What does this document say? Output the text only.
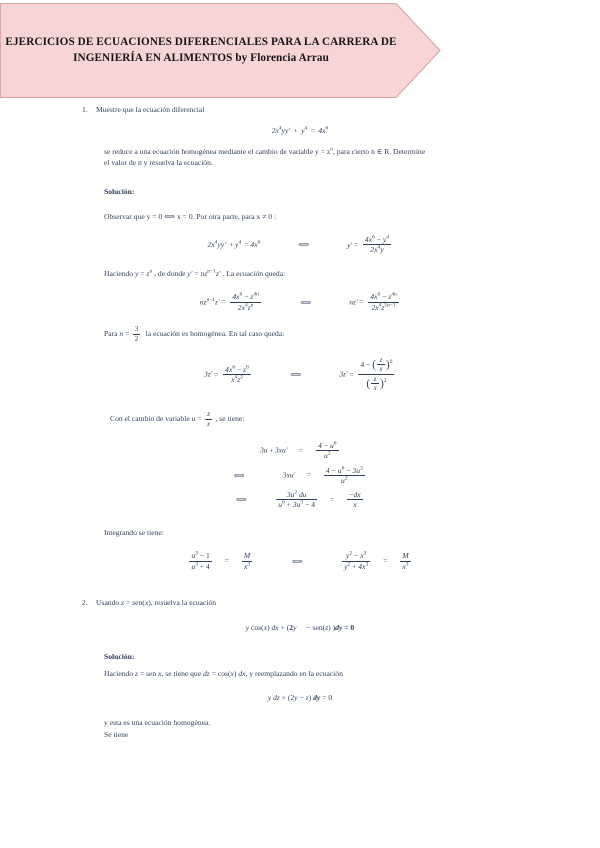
EJERCICIOS DE ECUACIONES DIFERENCIALES PARA LA CARRERA DE
INGENIERÍA EN ALIMENTOS by Florencia Arrau
1. Muestre que la ecuación diferencial
$2x^4yy' + y^4 = 4x^6$
se reduce a una ecuación homogénea mediante el cambio de variable $y = z^n$, para cierto n ∈ R. Determine
el valor de n y resuelva la ecuación.
Solución:
Observar que y = 0 ⟺ x = 0. Por otra parte, para x ≠ 0 :
$2x^4yy' + y^4 = 4x^6$	⟺	$y' = \frac{4x^6 - y^4}{2x^4y}$
Haciendo $y = z^n$ , de donde $y' = nz^{n-1}z'$ . La ecuación queda:
$nz^{n-1}z' = \frac{4x^6 - z^{4n}}{2x^4z^n}$	⟺	$nz' = \frac{4x^6 - z^{4n}}{2x^4z^{5n-1}}$
Para $n = \frac{3}{2}$ la ecuación es homogénea. En tal caso queda:
$3z' = \frac{4x^6 - z^6}{x^4z^2}$	⟺	$3z' = \frac{4 - ( \frac{z}{x} )^6}{( \frac{z}{x} )^2}$
Con el cambio de variable $u = \frac{z}{x}$ , se tiene:
$3u + 3xu' = \frac{4 - u^6}{u^2}$
⟺	$3xu' = \frac{4 - u^6 - 3u^3}{u^2}$
⟺	$\frac{3u^2 du}{u^6 + 3u^3 - 4} = \frac{-dx}{x}$
Integrando se tiene:
$\frac{u^3 - 1}{u^3 + 4} = \frac{M}{x^3}$	⟺	$\frac{y^2 - x^3}{y^2 + 4x^3} = \frac{M}{x^3}$
2. Usando z = sen(x), resuelva la ecuación
y cos(x) dx + (2y − sen(z) )dy = 0
Solución:
Haciendo z = sen x, se tiene que dz = cos(x) dx, y reemplazando en la ecuación
y dz + (2y − z) dy = 0
y esta es una ecuación homogénea.
Se tiene
